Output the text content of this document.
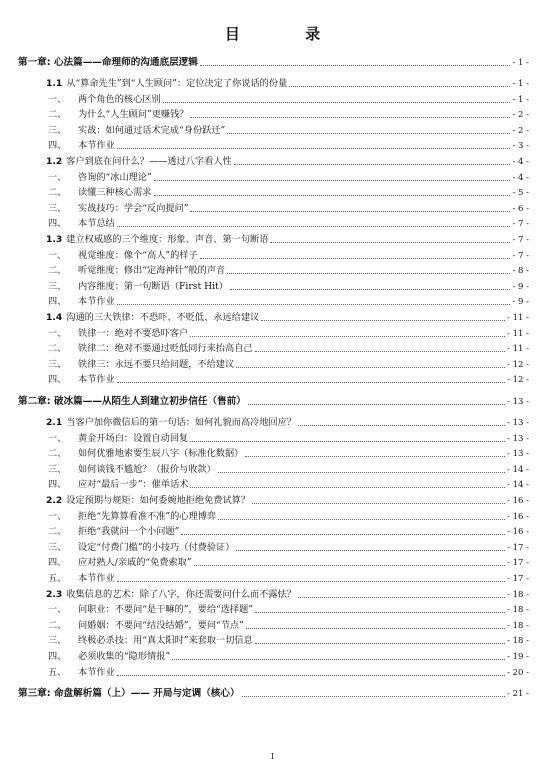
目 录
第一章: 心法篇——命理师的沟通底层逻辑	- 1 -
1.1 从“算命先生”到“人生顾问”：定位决定了你说话的份量	- 1 -
一、 两个角色的核心区别	- 1 -
二、 为什么“人生顾问”更赚钱？	- 2 -
三、 实战：如何通过话术完成“身份跃迁”	- 2 -
四、 本节作业	- 3 -
1.2 客户到底在问什么？——透过八字看人性	- 4 -
一、 咨询的“冰山理论”	- 4 -
二、 读懂三种核心需求	- 5 -
三、 实战技巧：学会“反向提问”	- 6 -
四、 本节总结	- 7 -
1.3 建立权威感的三个维度：形象、声音、第一句断语	- 7 -
一、 视觉维度：像个“高人”的样子	- 7 -
二、 听觉维度：修出“定海神针”般的声音	- 8 -
三、 内容维度：第一句断语（First Hit）	- 9 -
四、 本节作业	- 9 -
1.4 沟通的三大铁律：不恐吓、不贬低、永远给建议	- 11 -
一、 铁律一：绝对不要恐吓客户	- 11 -
二、 铁律二：绝对不要通过贬低同行来抬高自己	- 11 -
三、 铁律三：永远不要只给问题，不给建议	- 12 -
四、 本节作业	- 12 -
第二章: 破冰篇——从陌生人到建立初步信任（售前）	- 13 -
2.1 当客户加你微信后的第一句话：如何礼貌而高冷地回应？	- 13 -
一、 黄金开场白：设置自动回复	- 13 -
二、 如何优雅地索要生辰八字（标准化数据）	- 13 -
三、 如何谈钱不尴尬？（报价与收款）	- 14 -
四、 应对“最后一步”：催单话术	- 14 -
2.2 设定预期与规矩：如何委婉地拒绝免费试算？	- 16 -
一、 拒绝“先算算看准不准”的心理博弈	- 16 -
二、 拒绝“我就问一个小问题”	- 16 -
三、 设定“付费门槛”的小技巧（付费验证）	- 17 -
四、 应对熟人/亲戚的“免费索取”	- 17 -
五、 本节作业	- 17 -
2.3 收集信息的艺术：除了八字，你还需要问什么而不露怯？	- 18 -
一、 问职业：不要问“是干嘛的”，要给“选择题”	- 18 -
二、 问婚姻：不要问“结没结婚”，要问“节点”	- 18 -
三、 终极必杀技：用“真太阳时”来套取一切信息	- 18 -
四、 必须收集的“隐形情报”	- 19 -
五、 本节作业	- 20 -
第三章: 命盘解析篇（上）—— 开局与定调（核心）	- 21 -
I
